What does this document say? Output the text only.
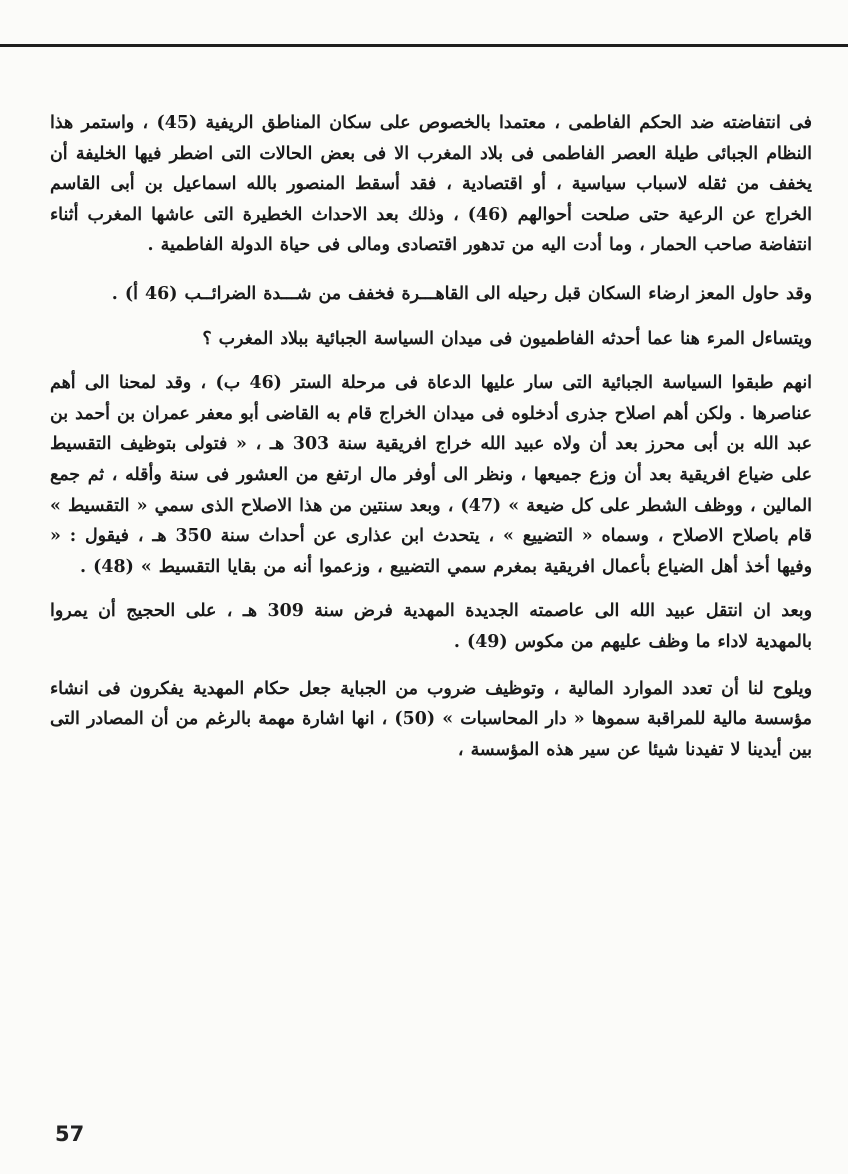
فى انتفاضته ضد الحكم الفاطمى ، معتمدا بالخصوص على سكان المناطق الريفية (45) ، واستمر هذا النظام الجبائى طيلة العصر الفاطمى فى بلاد المغرب الا فى بعض الحالات التى اضطر فيها الخليفة أن يخفف من ثقله لاسباب سياسية ، أو اقتصادية ، فقد أسقط المنصور بالله اسماعيل بن أبى القاسم الخراج عن الرعية حتى صلحت أحوالهم (46) ، وذلك بعد الاحداث الخطيرة التى عاشها المغرب أثناء انتفاضة صاحب الحمار ، وما أدت اليه من تدهور اقتصادى ومالى فى حياة الدولة الفاطمية .

وقد حاول المعز ارضاء السكان قبل رحيله الى القاهـــرة فخفف من شـــدة الضرائــب (46 أ) .

ويتساءل المرء هنا عما أحدثه الفاطميون فى ميدان السياسة الجبائية ببلاد المغرب ؟

انهم طبقوا السياسة الجبائية التى سار عليها الدعاة فى مرحلة الستر (46 ب) ، وقد لمحنا الى أهم عناصرها . ولكن أهم اصلاح جذرى أدخلوه فى ميدان الخراج قام به القاضى أبو معفر عمران بن أحمد بن عبد الله بن أبى محرز بعد أن ولاه عبيد الله خراج افريقية سنة 303 هـ ، « فتولى بتوظيف التقسيط على ضياع افريقية بعد أن وزع جميعها ، ونظر الى أوفر مال ارتفع من العشور فى سنة وأقله ، ثم جمع المالين ، ووظف الشطر على كل ضيعة » (47) ، وبعد سنتين من هذا الاصلاح الذى سمي « التقسيط » قام باصلاح الاصلاح ، وسماه « التضييع » ، يتحدث ابن عذارى عن أحداث سنة 350 هـ ، فيقول : « وفيها أخذ أهل الضياع بأعمال افريقية بمغرم سمي التضييع ، وزعموا أنه من بقايا التقسيط » (48) .

وبعد ان انتقل عبيد الله الى عاصمته الجديدة المهدية فرض سنة 309 هـ ، على الحجيج أن يمروا بالمهدية لاداء ما وظف عليهم من مكوس (49) .

ويلوح لنا أن تعدد الموارد المالية ، وتوظيف ضروب من الجباية جعل حكام المهدية يفكرون فى انشاء مؤسسة مالية للمراقبة سموها « دار المحاسبات » (50) ، انها اشارة مهمة بالرغم من أن المصادر التى بين أيدينا لا تفيدنا شيئا عن سير هذه المؤسسة ،

57
